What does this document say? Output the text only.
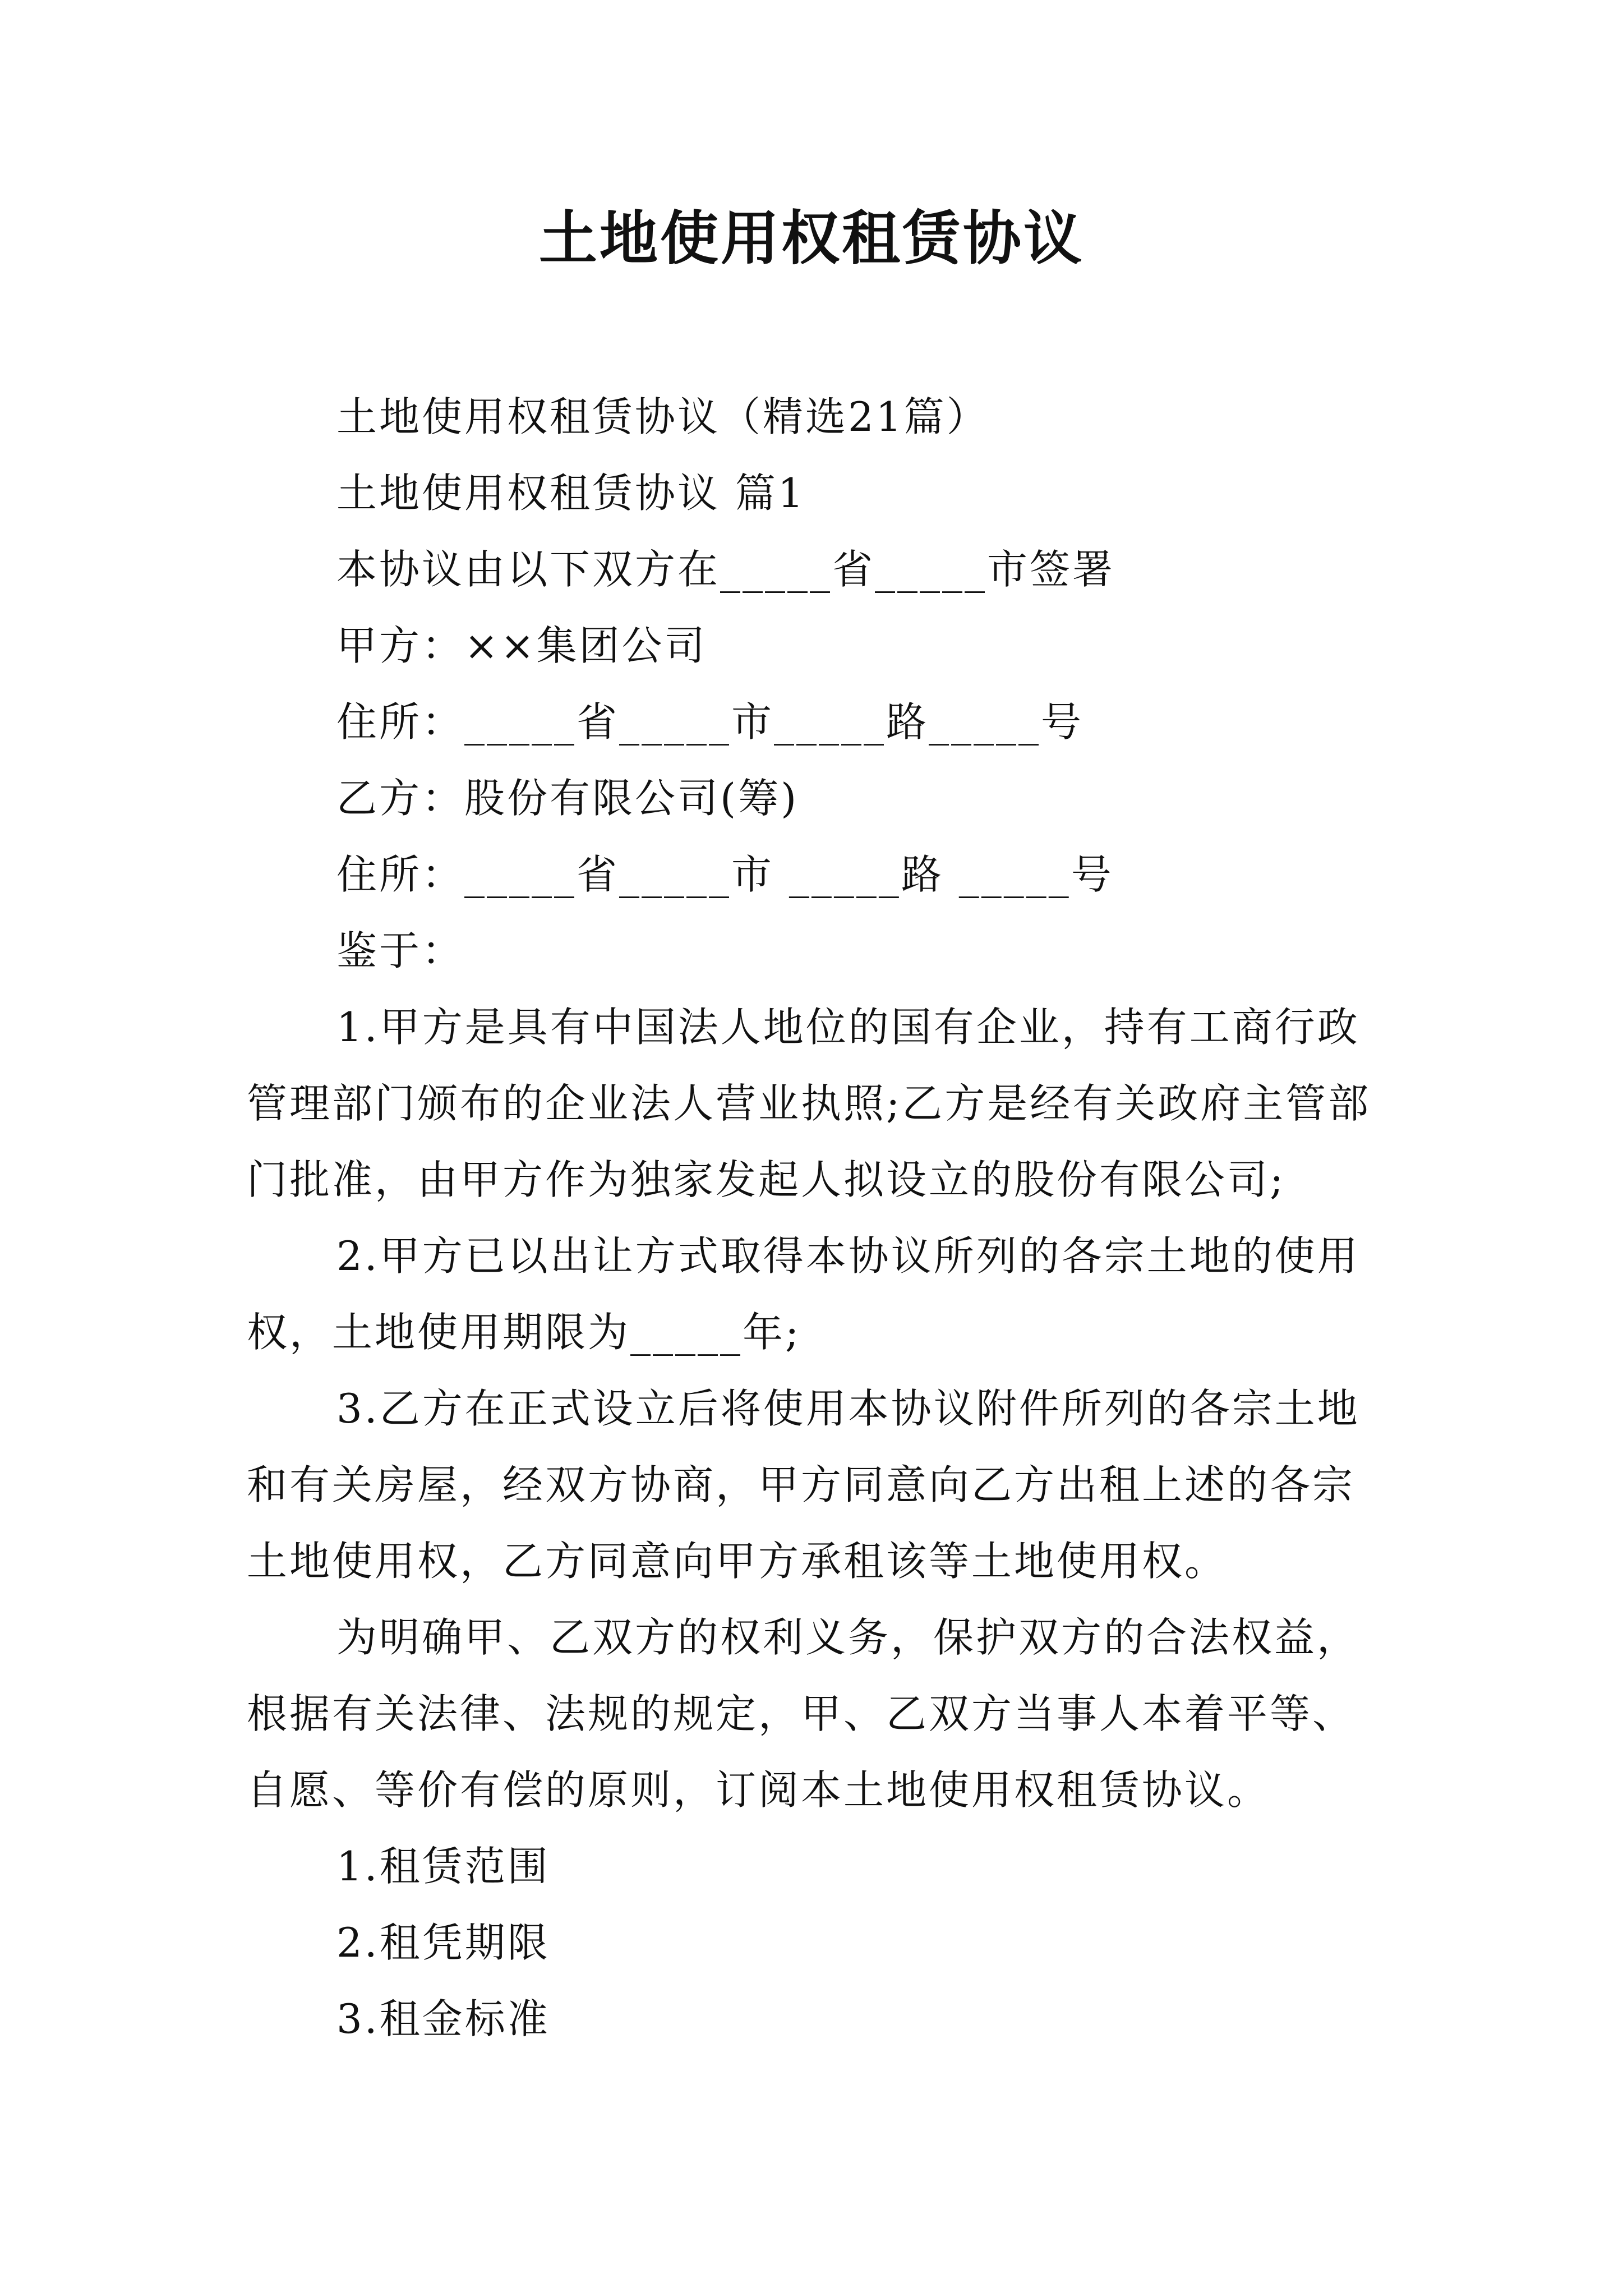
土地使用权租赁协议

土地使用权租赁协议（精选21篇）

土地使用权租赁协议 篇1

本协议由以下双方在_____省_____市签署

甲方：××集团公司

住所：_____省_____市_____路_____号

乙方：股份有限公司(筹)

住所：_____省_____市 _____路 _____号

鉴于：

1.甲方是具有中国法人地位的国有企业，持有工商行政管理部门颁布的企业法人营业执照;乙方是经有关政府主管部门批准，由甲方作为独家发起人拟设立的股份有限公司;

2.甲方已以出让方式取得本协议所列的各宗土地的使用权，土地使用期限为_____年;

3.乙方在正式设立后将使用本协议附件所列的各宗土地和有关房屋，经双方协商，甲方同意向乙方出租上述的各宗土地使用权，乙方同意向甲方承租该等土地使用权。

为明确甲、乙双方的权利义务，保护双方的合法权益，根据有关法律、法规的规定，甲、乙双方当事人本着平等、自愿、等价有偿的原则，订阅本土地使用权租赁协议。

1.租赁范围

2.租凭期限

3.租金标准
